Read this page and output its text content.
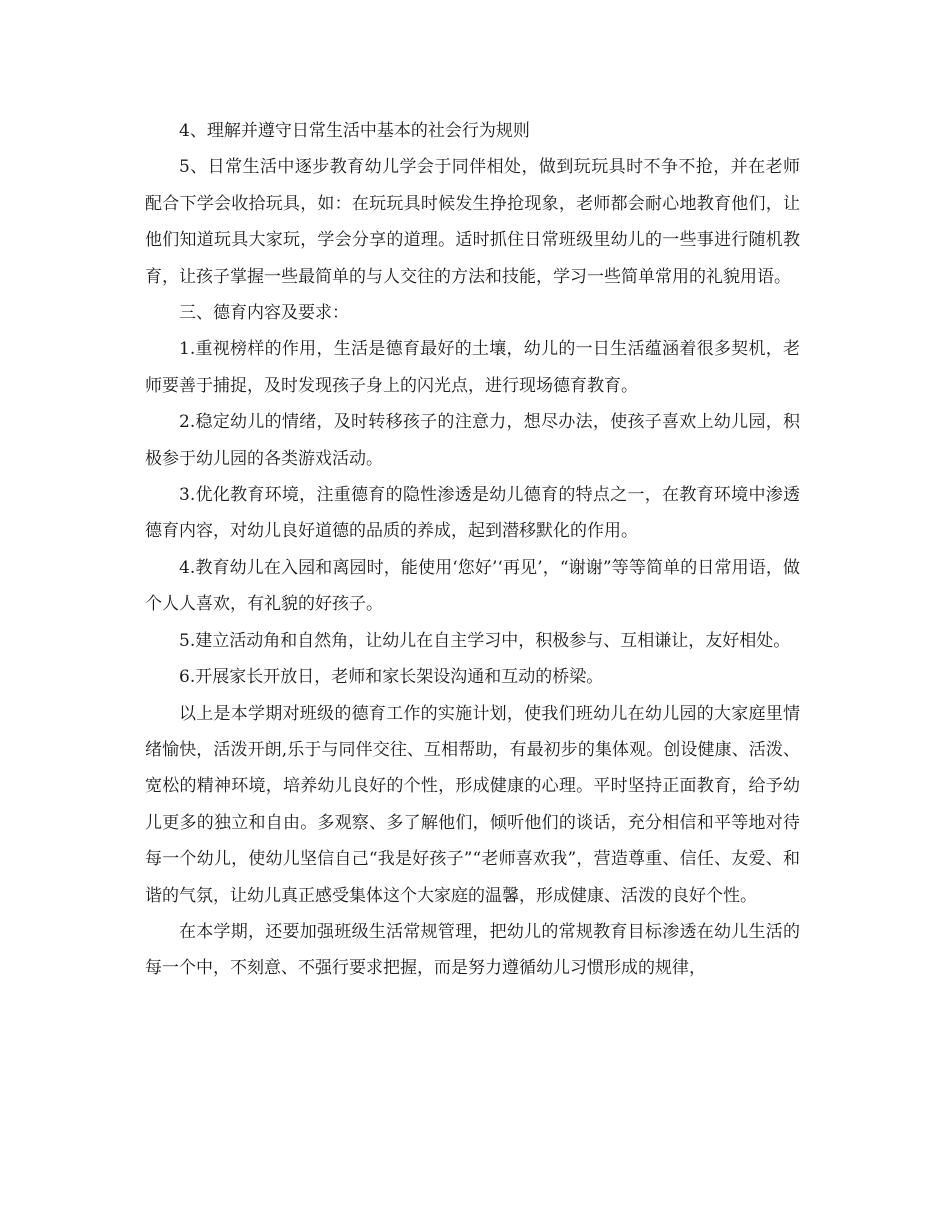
4、理解并遵守日常生活中基本的社会行为规则

5、日常生活中逐步教育幼儿学会于同伴相处，做到玩玩具时不争不抢，并在老师配合下学会收拾玩具，如：在玩玩具时候发生挣抢现象，老师都会耐心地教育他们，让他们知道玩具大家玩，学会分享的道理。适时抓住日常班级里幼儿的一些事进行随机教育，让孩子掌握一些最简单的与人交往的方法和技能，学习一些简单常用的礼貌用语。

三、德育内容及要求：

1.重视榜样的作用，生活是德育最好的土壤，幼儿的一日生活蕴涵着很多契机，老师要善于捕捉，及时发现孩子身上的闪光点，进行现场德育教育。

2.稳定幼儿的情绪，及时转移孩子的注意力，想尽办法，使孩子喜欢上幼儿园，积极参于幼儿园的各类游戏活动。

3.优化教育环境，注重德育的隐性渗透是幼儿德育的特点之一，在教育环境中渗透德育内容，对幼儿良好道德的品质的养成，起到潜移默化的作用。

4.教育幼儿在入园和离园时，能使用‘您好’‘再见’，“谢谢”等等简单的日常用语，做个人人喜欢，有礼貌的好孩子。

5.建立活动角和自然角，让幼儿在自主学习中，积极参与、互相谦让，友好相处。

6.开展家长开放日，老师和家长架设沟通和互动的桥梁。

以上是本学期对班级的德育工作的实施计划，使我们班幼儿在幼儿园的大家庭里情绪愉快，活泼开朗,乐于与同伴交往、互相帮助，有最初步的集体观。创设健康、活泼、宽松的精神环境，培养幼儿良好的个性，形成健康的心理。平时坚持正面教育，给予幼儿更多的独立和自由。多观察、多了解他们，倾听他们的谈话，充分相信和平等地对待每一个幼儿，使幼儿坚信自己“我是好孩子”“老师喜欢我”，营造尊重、信任、友爱、和谐的气氛，让幼儿真正感受集体这个大家庭的温馨，形成健康、活泼的良好个性。

在本学期，还要加强班级生活常规管理，把幼儿的常规教育目标渗透在幼儿生活的每一个中，不刻意、不强行要求把握，而是努力遵循幼儿习惯形成的规律，
